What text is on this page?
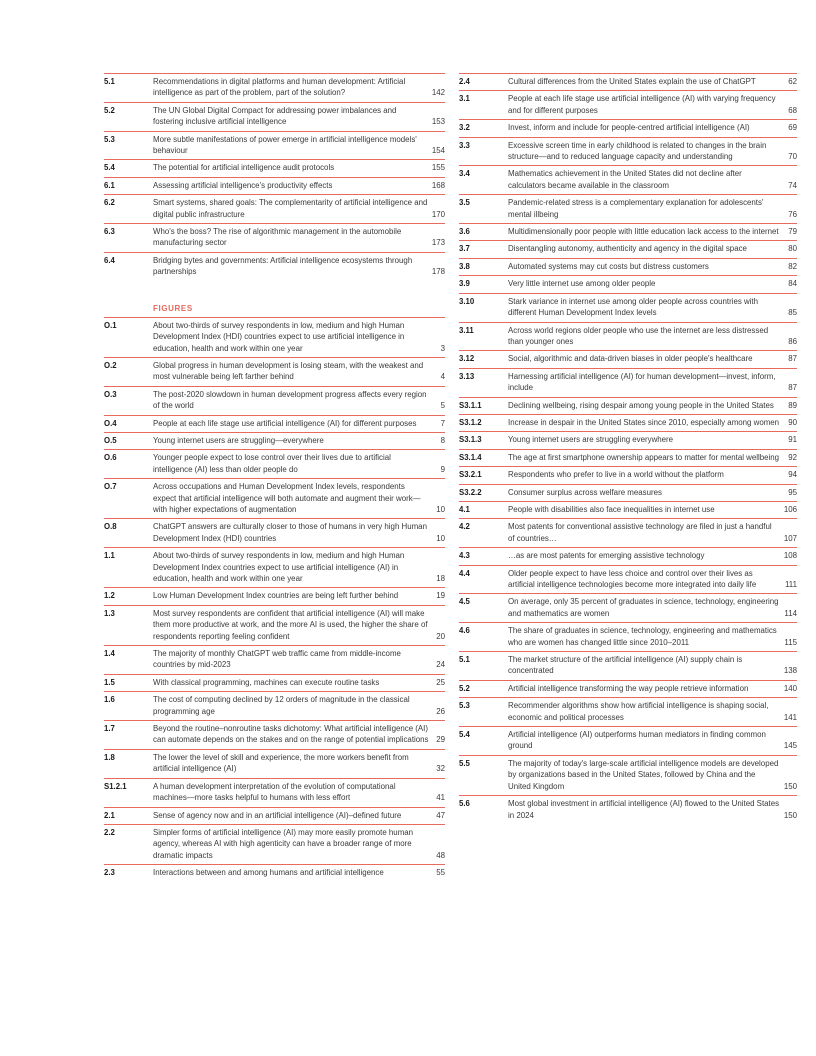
5.1	Recommendations in digital platforms and human development: Artificial intelligence as part of the problem, part of the solution?	142
5.2	The UN Global Digital Compact for addressing power imbalances and fostering inclusive artificial intelligence	153
5.3	More subtle manifestations of power emerge in artificial intelligence models' behaviour	154
5.4	The potential for artificial intelligence audit protocols	155
6.1	Assessing artificial intelligence's productivity effects	168
6.2	Smart systems, shared goals: The complementarity of artificial intelligence and digital public infrastructure	170
6.3	Who's the boss? The rise of algorithmic management in the automobile manufacturing sector	173
6.4	Bridging bytes and governments: Artificial intelligence ecosystems through partnerships	178
FIGURES
O.1	About two-thirds of survey respondents in low, medium and high Human Development Index (HDI) countries expect to use artificial intelligence in education, health and work within one year	3
O.2	Global progress in human development is losing steam, with the weakest and most vulnerable being left farther behind	4
O.3	The post-2020 slowdown in human development progress affects every region of the world	5
O.4	People at each life stage use artificial intelligence (AI) for different purposes	7
O.5	Young internet users are struggling—everywhere	8
O.6	Younger people expect to lose control over their lives due to artificial intelligence (AI) less than older people do	9
O.7	Across occupations and Human Development Index levels, respondents expect that artificial intelligence will both automate and augment their work—with higher expectations of augmentation	10
O.8	ChatGPT answers are culturally closer to those of humans in very high Human Development Index (HDI) countries	10
1.1	About two-thirds of survey respondents in low, medium and high Human Development Index countries expect to use artificial intelligence (AI) in education, health and work within one year	18
1.2	Low Human Development Index countries are being left further behind	19
1.3	Most survey respondents are confident that artificial intelligence (AI) will make them more productive at work, and the more AI is used, the higher the share of respondents reporting feeling confident	20
1.4	The majority of monthly ChatGPT web traffic came from middle-income countries by mid-2023	24
1.5	With classical programming, machines can execute routine tasks	25
1.6	The cost of computing declined by 12 orders of magnitude in the classical programming age	26
1.7	Beyond the routine–nonroutine tasks dichotomy: What artificial intelligence (AI) can automate depends on the stakes and on the range of potential implications 29
1.8	The lower the level of skill and experience, the more workers benefit from artificial intelligence (AI)	32
S1.2.1	A human development interpretation of the evolution of computational machines—more tasks helpful to humans with less effort	41
2.1	Sense of agency now and in an artificial intelligence (AI)–defined future	47
2.2	Simpler forms of artificial intelligence (AI) may more easily promote human agency, whereas AI with high agenticity can have a broader range of more dramatic impacts	48
2.3	Interactions between and among humans and artificial intelligence	55
2.4	Cultural differences from the United States explain the use of ChatGPT	62
3.1	People at each life stage use artificial intelligence (AI) with varying frequency and for different purposes	68
3.2	Invest, inform and include for people-centred artificial intelligence (AI)	69
3.3	Excessive screen time in early childhood is related to changes in the brain structure—and to reduced language capacity and understanding	70
3.4	Mathematics achievement in the United States did not decline after calculators became available in the classroom	74
3.5	Pandemic-related stress is a complementary explanation for adolescents' mental illbeing	76
3.6	Multidimensionally poor people with little education lack access to the internet	79
3.7	Disentangling autonomy, authenticity and agency in the digital space	80
3.8	Automated systems may cut costs but distress customers	82
3.9	Very little internet use among older people	84
3.10	Stark variance in internet use among older people across countries with different Human Development Index levels	85
3.11	Across world regions older people who use the internet are less distressed than younger ones	86
3.12	Social, algorithmic and data-driven biases in older people's healthcare	87
3.13	Harnessing artificial intelligence (AI) for human development—invest, inform, include	87
S3.1.1	Declining wellbeing, rising despair among young people in the United States	89
S3.1.2	Increase in despair in the United States since 2010, especially among women	90
S3.1.3	Young internet users are struggling everywhere	91
S3.1.4	The age at first smartphone ownership appears to matter for mental wellbeing	92
S3.2.1	Respondents who prefer to live in a world without the platform	94
S3.2.2	Consumer surplus across welfare measures	95
4.1	People with disabilities also face inequalities in internet use	106
4.2	Most patents for conventional assistive technology are filed in just a handful of countries…	107
4.3	…as are most patents for emerging assistive technology	108
4.4	Older people expect to have less choice and control over their lives as artificial intelligence technologies become more integrated into daily life	111
4.5	On average, only 35 percent of graduates in science, technology, engineering and mathematics are women	114
4.6	The share of graduates in science, technology, engineering and mathematics who are women has changed little since 2010–2011	115
5.1	The market structure of the artificial intelligence (AI) supply chain is concentrated	138
5.2	Artificial intelligence transforming the way people retrieve information	140
5.3	Recommender algorithms show how artificial intelligence is shaping social, economic and political processes	141
5.4	Artificial intelligence (AI) outperforms human mediators in finding common ground	145
5.5	The majority of today's large-scale artificial intelligence models are developed by organizations based in the United States, followed by China and the United Kingdom	150
5.6	Most global investment in artificial intelligence (AI) flowed to the United States in 2024	150
